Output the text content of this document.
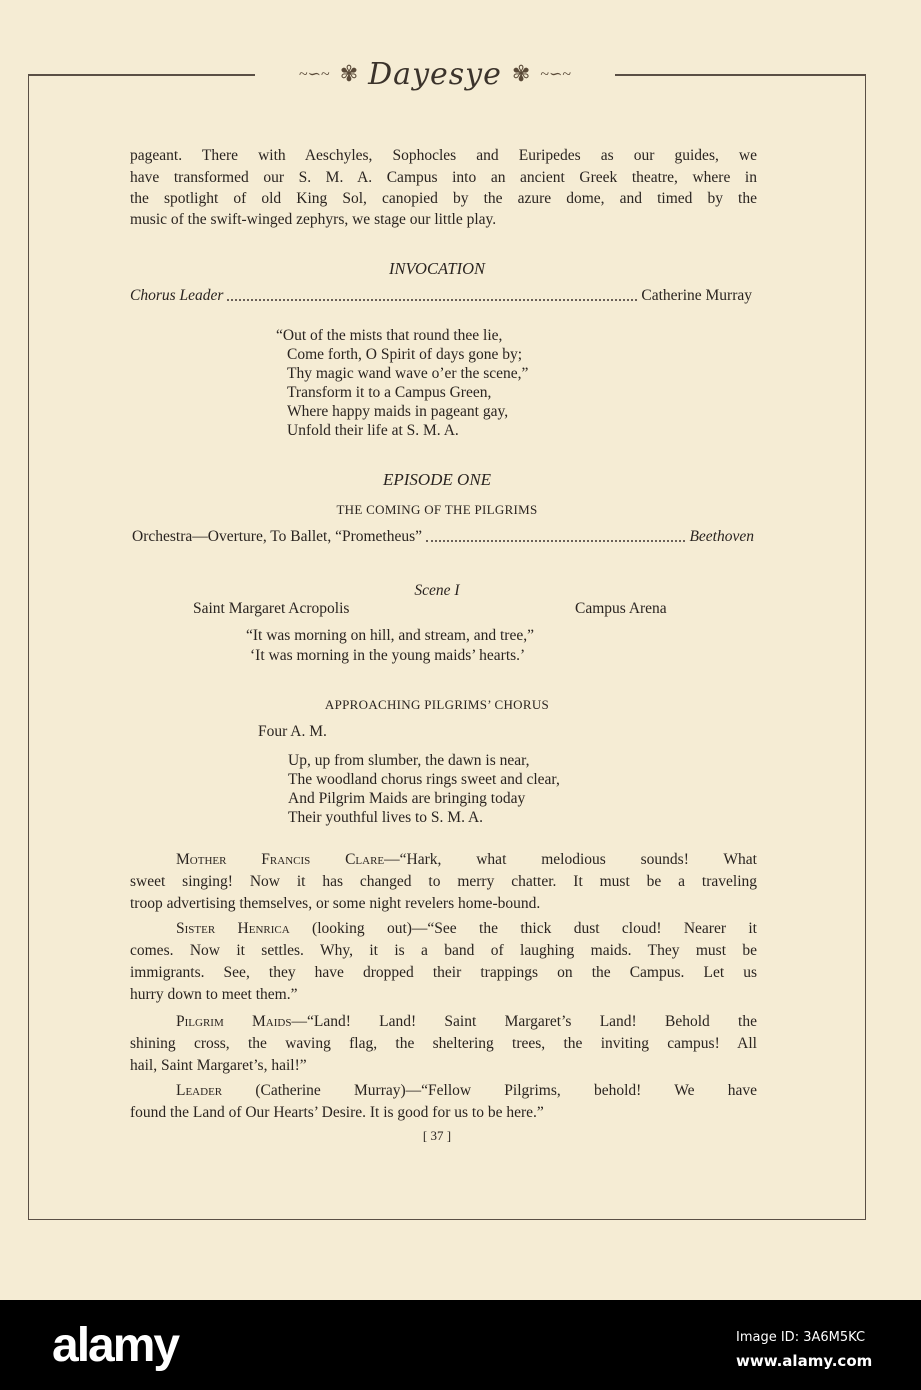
~∽~ ✾ Dayesye ✾ ~∽~
pageant. There with Aeschyles, Sophocles and Euripedes as our guides, we
have transformed our S. M. A. Campus into an ancient Greek theatre, where in
the spotlight of old King Sol, canopied by the azure dome, and timed by the
music of the swift-winged zephyrs, we stage our little play.
INVOCATION
Chorus Leader	Catherine Murray
“Out of the mists that round thee lie,
Come forth, O Spirit of days gone by;
Thy magic wand wave o’er the scene,”
Transform it to a Campus Green,
Where happy maids in pageant gay,
Unfold their life at S. M. A.
EPISODE ONE
THE COMING OF THE PILGRIMS
Orchestra—Overture, To Ballet, “Prometheus”	Beethoven
Scene I
Saint Margaret Acropolis	Campus Arena
“It was morning on hill, and stream, and tree,”
‘It was morning in the young maids’ hearts.’
APPROACHING PILGRIMS’ CHORUS
Four A. M.
Up, up from slumber, the dawn is near,
The woodland chorus rings sweet and clear,
And Pilgrim Maids are bringing today
Their youthful lives to S. M. A.
Mother Francis Clare—“Hark, what melodious sounds! What
sweet singing! Now it has changed to merry chatter. It must be a traveling
troop advertising themselves, or some night revelers home-bound.
Sister Henrica (looking out)—“See the thick dust cloud! Nearer it
comes. Now it settles. Why, it is a band of laughing maids. They must be
immigrants. See, they have dropped their trappings on the Campus. Let us
hurry down to meet them.”
Pilgrim Maids—“Land! Land! Saint Margaret’s Land! Behold the
shining cross, the waving flag, the sheltering trees, the inviting campus! All
hail, Saint Margaret’s, hail!”
Leader (Catherine Murray)—“Fellow Pilgrims, behold! We have
found the Land of Our Hearts’ Desire. It is good for us to be here.”
[ 37 ]
alamy	Image ID: 3A6M5KC
www.alamy.com
